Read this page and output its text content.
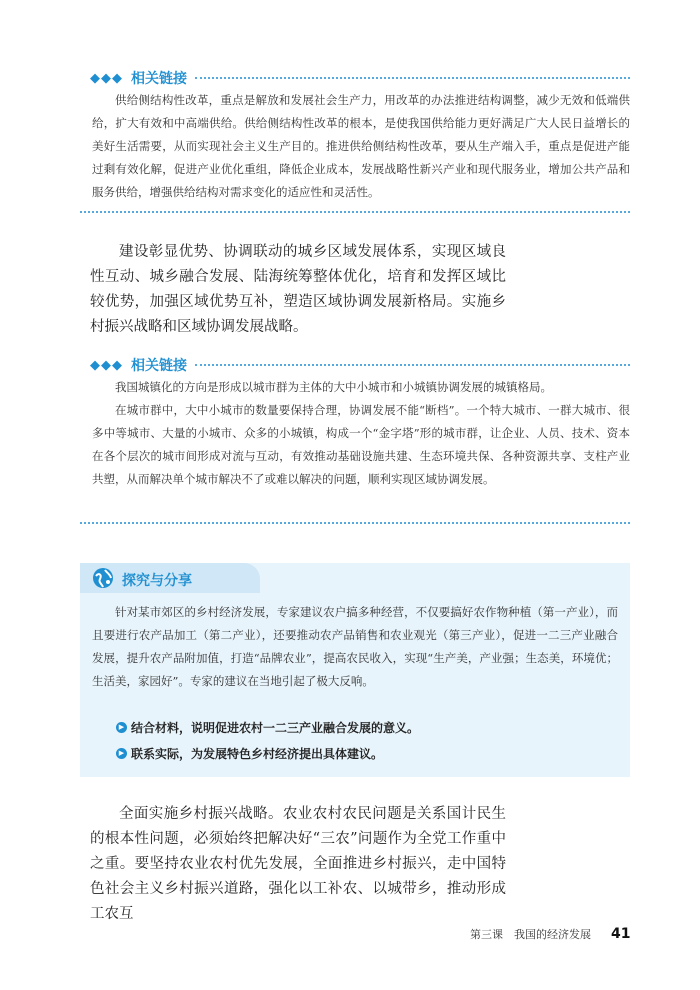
◆◆◆ 相关链接

供给侧结构性改革，重点是解放和发展社会生产力，用改革的办法推进结构调整，减少无效和低端供给，扩大有效和中高端供给。供给侧结构性改革的根本，是使我国供给能力更好满足广大人民日益增长的美好生活需要，从而实现社会主义生产目的。推进供给侧结构性改革，要从生产端入手，重点是促进产能过剩有效化解，促进产业优化重组，降低企业成本，发展战略性新兴产业和现代服务业，增加公共产品和服务供给，增强供给结构对需求变化的适应性和灵活性。

建设彰显优势、协调联动的城乡区域发展体系，实现区域良性互动、城乡融合发展、陆海统筹整体优化，培育和发挥区域比较优势，加强区域优势互补，塑造区域协调发展新格局。实施乡村振兴战略和区域协调发展战略。

◆◆◆ 相关链接

我国城镇化的方向是形成以城市群为主体的大中小城市和小城镇协调发展的城镇格局。

在城市群中，大中小城市的数量要保持合理，协调发展不能“断档”。一个特大城市、一群大城市、很多中等城市、大量的小城市、众多的小城镇，构成一个“金字塔”形的城市群，让企业、人员、技术、资本在各个层次的城市间形成对流与互动，有效推动基础设施共建、生态环境共保、各种资源共享、支柱产业共塑，从而解决单个城市解决不了或难以解决的问题，顺利实现区域协调发展。

探究与分享

针对某市郊区的乡村经济发展，专家建议农户搞多种经营，不仅要搞好农作物种植（第一产业），而且要进行农产品加工（第二产业），还要推动农产品销售和农业观光（第三产业），促进一二三产业融合发展，提升农产品附加值，打造“品牌农业”，提高农民收入，实现“生产美，产业强；生态美，环境优；生活美，家园好”。专家的建议在当地引起了极大反响。

▶ 结合材料，说明促进农村一二三产业融合发展的意义。
▶ 联系实际，为发展特色乡村经济提出具体建议。

全面实施乡村振兴战略。农业农村农民问题是关系国计民生的根本性问题，必须始终把解决好“三农”问题作为全党工作重中之重。要坚持农业农村优先发展，全面推进乡村振兴，走中国特色社会主义乡村振兴道路，强化以工补农、以城带乡，推动形成工农互

第三课　我国的经济发展 41
